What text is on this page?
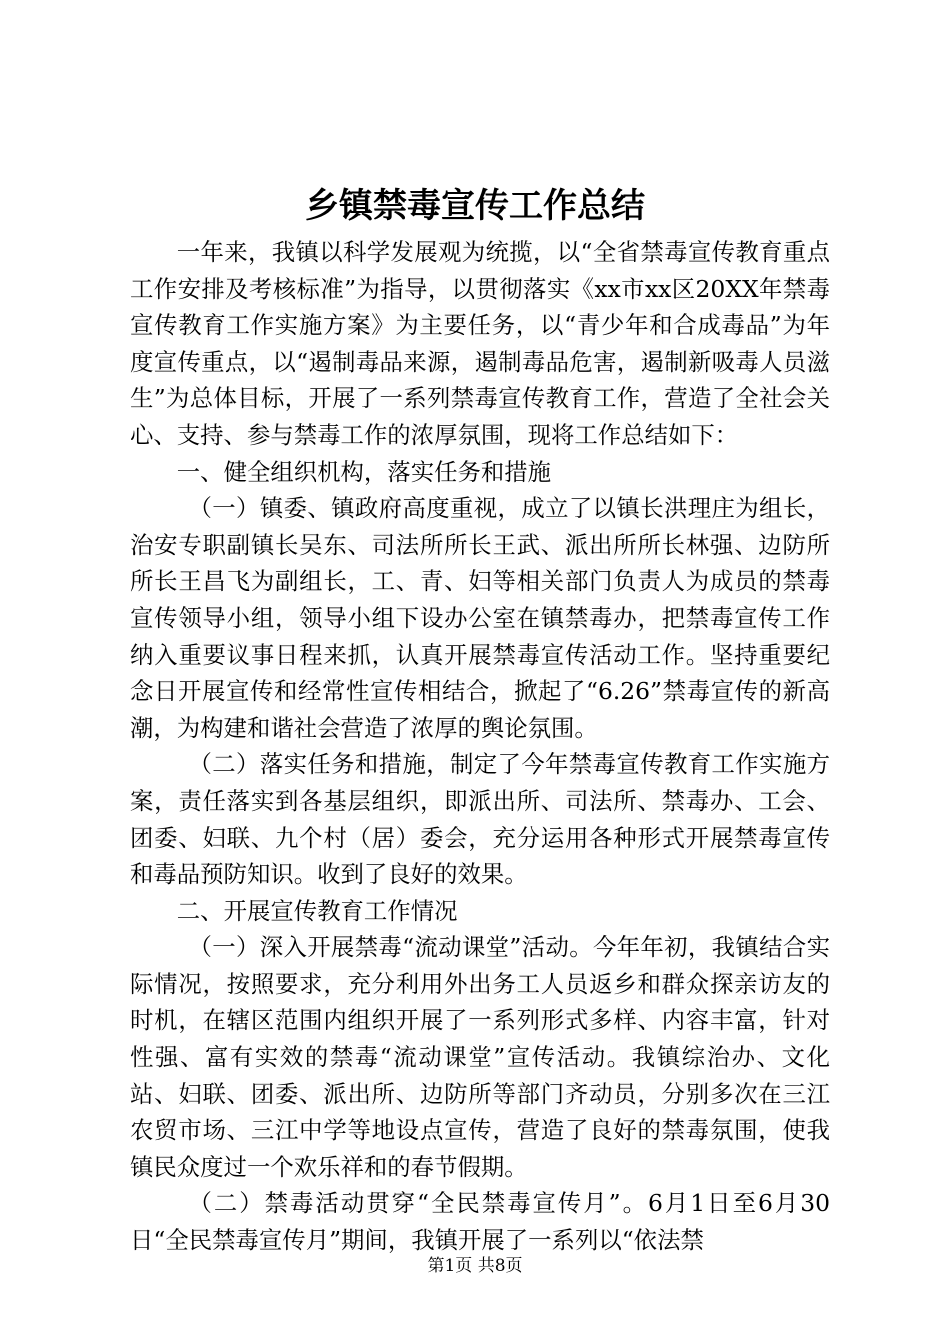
乡镇禁毒宣传工作总结

一年来，我镇以科学发展观为统揽，以“全省禁毒宣传教育重点工作安排及考核标准”为指导，以贯彻落实《xx市xx区20XX年禁毒宣传教育工作实施方案》为主要任务，以“青少年和合成毒品”为年度宣传重点，以“遏制毒品来源，遏制毒品危害，遏制新吸毒人员滋生”为总体目标，开展了一系列禁毒宣传教育工作，营造了全社会关心、支持、参与禁毒工作的浓厚氛围，现将工作总结如下：

一、健全组织机构，落实任务和措施

（一）镇委、镇政府高度重视，成立了以镇长洪理庄为组长，治安专职副镇长吴东、司法所所长王武、派出所所长林强、边防所所长王昌飞为副组长，工、青、妇等相关部门负责人为成员的禁毒宣传领导小组，领导小组下设办公室在镇禁毒办，把禁毒宣传工作纳入重要议事日程来抓，认真开展禁毒宣传活动工作。坚持重要纪念日开展宣传和经常性宣传相结合，掀起了“6.26”禁毒宣传的新高潮，为构建和谐社会营造了浓厚的舆论氛围。

（二）落实任务和措施，制定了今年禁毒宣传教育工作实施方案，责任落实到各基层组织，即派出所、司法所、禁毒办、工会、团委、妇联、九个村（居）委会，充分运用各种形式开展禁毒宣传和毒品预防知识。收到了良好的效果。

二、开展宣传教育工作情况

（一）深入开展禁毒“流动课堂”活动。今年年初，我镇结合实际情况，按照要求，充分利用外出务工人员返乡和群众探亲访友的时机，在辖区范围内组织开展了一系列形式多样、内容丰富，针对性强、富有实效的禁毒“流动课堂”宣传活动。我镇综治办、文化站、妇联、团委、派出所、边防所等部门齐动员，分别多次在三江农贸市场、三江中学等地设点宣传，营造了良好的禁毒氛围，使我镇民众度过一个欢乐祥和的春节假期。

（二）禁毒活动贯穿“全民禁毒宣传月”。6月1日至6月30日“全民禁毒宣传月”期间，我镇开展了一系列以“依法禁

第1页 共8页
